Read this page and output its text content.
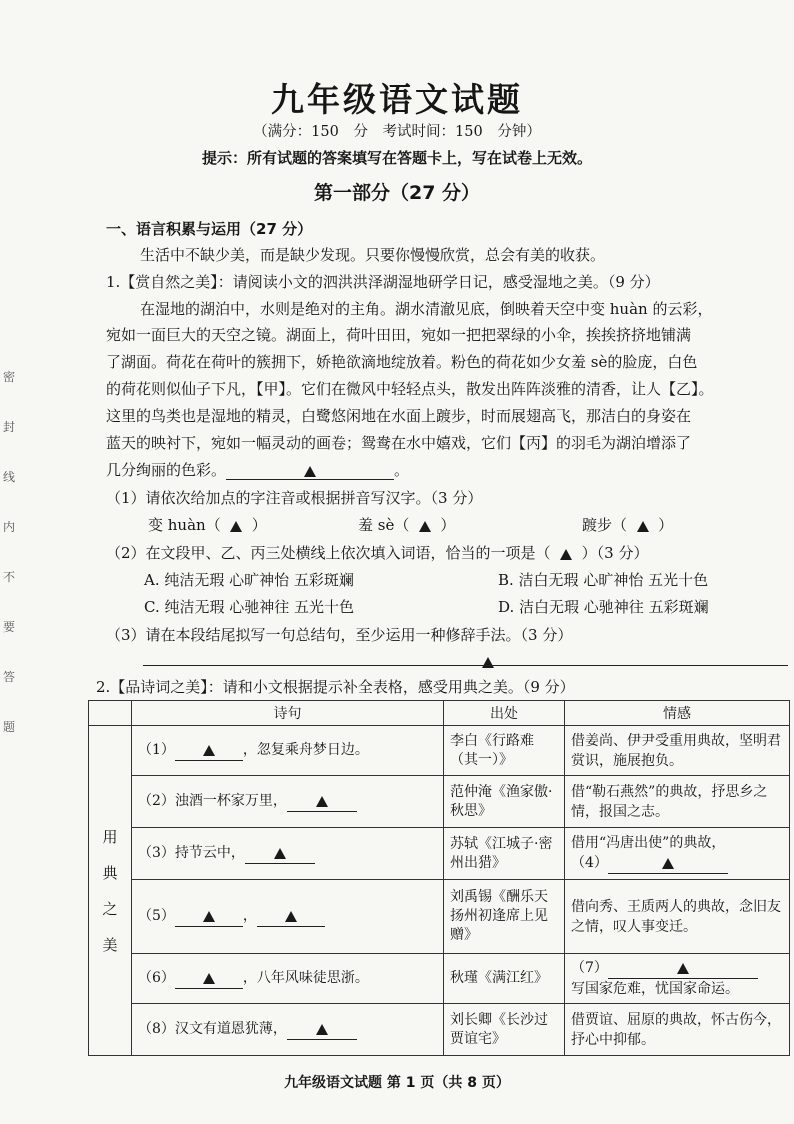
九年级语文试题
（满分：150 分 考试时间：150 分钟）
提示：所有试题的答案填写在答题卡上，写在试卷上无效。
第一部分（27 分）
密
封
线
内
不
要
答
题
一、语言积累与运用（27 分）
生活中不缺少美，而是缺少发现。只要你慢慢欣赏，总会有美的收获。
1.【赏自然之美】：请阅读小文的泗洪洪泽湖湿地研学日记，感受湿地之美。（9 分）
在湿地的湖泊中，水则是绝对的主角。湖水清澈见底，倒映着天空中变 huàn 的云彩，
宛如一面巨大的天空之镜。湖面上，荷叶田田，宛如一把把翠绿的小伞，挨挨挤挤地铺满
了湖面。荷花在荷叶的簇拥下，娇艳欲滴地绽放着。粉色的荷花如少女羞 sè的脸庞，白色
的荷花则似仙子下凡，【甲】。它们在微风中轻轻点头，散发出阵阵淡雅的清香，让人【乙】。
这里的鸟类也是湿地的精灵，白鹭悠闲地在水面上踱步，时而展翅高飞，那洁白的身姿在
蓝天的映衬下，宛如一幅灵动的画卷；鸳鸯在水中嬉戏，它们【丙】的羽毛为湖泊增添了
几分绚丽的色彩。	。
（1）请依次给加点的字注音或根据拼音写汉字。（3 分）
变 huàn（    ）	羞 sè（    ）	踱步（    ）
（2）在文段甲、乙、丙三处横线上依次填入词语，恰当的一项是（ ）（3 分）
A. 纯洁无瑕 心旷神怡 五彩斑斓	B. 洁白无瑕 心旷神怡 五光十色
C. 纯洁无瑕 心驰神往 五光十色	D. 洁白无瑕 心驰神往 五彩斑斓
（3）请在本段结尾拟写一句总结句，至少运用一种修辞手法。（3 分）
2.【品诗词之美】：请和小文根据提示补全表格，感受用典之美。（9 分）
	诗句	出处	情感

用
典
之
美	（1） ，忽复乘舟梦日边。	李白《行路难（其一）》	借姜尚、伊尹受重用典故，坚明君赏识，施展抱负。
	（2）浊酒一杯家万里，	范仲淹《渔家傲·秋思》	借“勒石燕然”的典故，抒思乡之情，报国之志。
	（3）持节云中，	苏轼《江城子·密州出猎》	借用“冯唐出使”的典故，
（4）

	（5） ，	刘禹锡《酬乐天扬州初逢席上见赠》	借向秀、王质两人的典故，念旧友之情，叹人事变迁。
	（6） ，八年风味徒思浙。	秋瑾《满江红》	（7）
写国家危难，忧国家命运。

	（8）汉文有道恩犹薄，	刘长卿《长沙过贾谊宅》	借贾谊、屈原的典故，怀古伤今，抒心中抑郁。
九年级语文试题 第 1 页（共 8 页）
